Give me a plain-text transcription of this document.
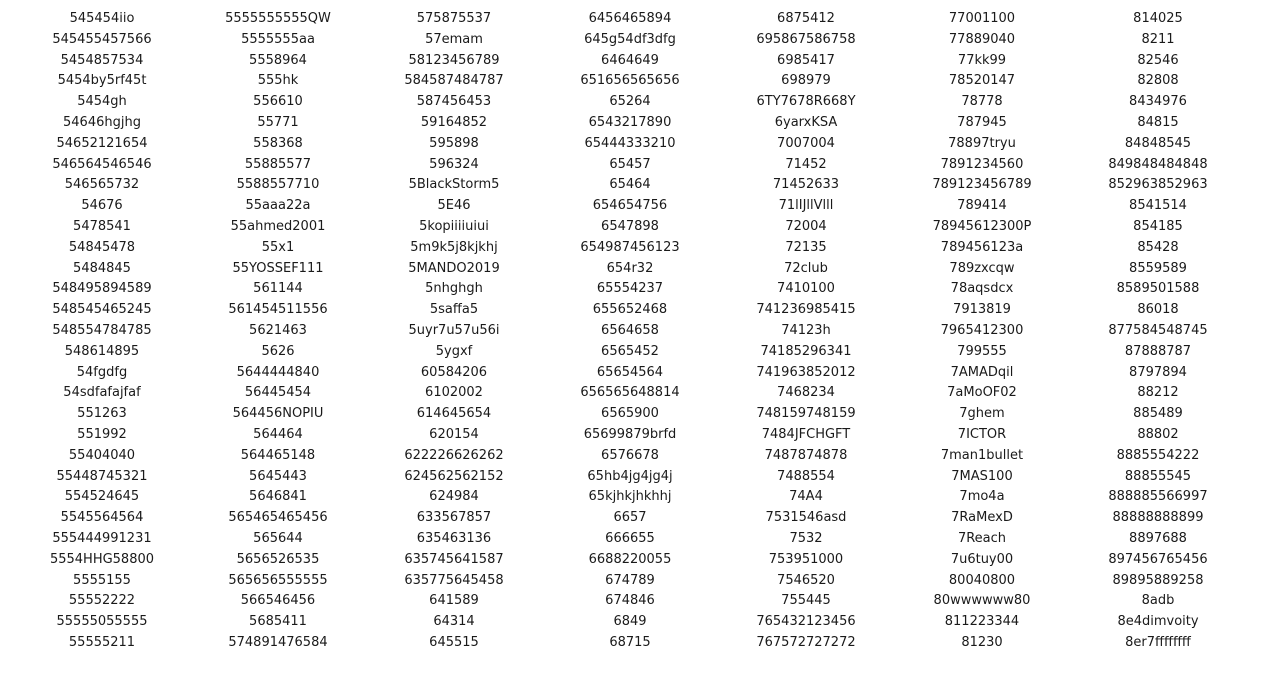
545454iio
545455457566
5454857534
5454by5rf45t
5454gh
54646hgjhg
54652121654
546564546546
546565732
54676
5478541
54845478
5484845
548495894589
548545465245
548554784785
548614895
54fgdfg
54sdfafajfaf
551263
551992
55404040
55448745321
554524645
5545564564
555444991231
5554HHG58800
5555155
55552222
55555055555
55555211
5555555555QW
5555555aa
5558964
555hk
556610
55771
558368
55885577
5588557710
55aaa22a
55ahmed2001
55x1
55YOSSEF111
561144
561454511556
5621463
5626
5644444840
56445454
564456NOPIU
564464
564465148
5645443
5646841
565465465456
565644
5656526535
565656555555
566546456
5685411
574891476584
575875537
57emam
58123456789
584587484787
587456453
59164852
595898
596324
5BlackStorm5
5E46
5kopiiiiuiui
5m9k5j8kjkhj
5MANDO2019
5nhghgh
5saffa5
5uyr7u57u56i
5ygxf
60584206
6102002
614645654
620154
622226626262
624562562152
624984
633567857
635463136
635745641587
635775645458
641589
64314
645515
6456465894
645g54df3dfg
6464649
651656565656
65264
6543217890
65444333210
65457
65464
654654756
6547898
654987456123
654r32
65554237
655652468
6564658
6565452
65654564
656565648814
6565900
65699879brfd
6576678
65hb4jg4jg4j
65kjhkjhkhhj
6657
666655
6688220055
674789
674846
6849
68715
6875412
695867586758
6985417
698979
6TY7678R668Y
6yarxKSA
7007004
71452
71452633
71lIJllVlll
72004
72135
72club
7410100
741236985415
74123h
74185296341
741963852012
7468234
748159748159
7484JFCHGFT
7487874878
7488554
74A4
7531546asd
7532
753951000
7546520
755445
765432123456
767572727272
77001100
77889040
77kk99
78520147
78778
787945
78897tryu
7891234560
789123456789
789414
78945612300P
789456123a
789zxcqw
78aqsdcx
7913819
7965412300
799555
7AMADqil
7aMoOF02
7ghem
7ICTOR
7man1bullet
7MAS100
7mo4a
7RaMexD
7Reach
7u6tuy00
80040800
80wwwwww80
811223344
81230
814025
8211
82546
82808
8434976
84815
84848545
849848484848
852963852963
8541514
854185
85428
8559589
8589501588
86018
877584548745
87888787
8797894
88212
885489
88802
8885554222
88855545
888885566997
88888888899
8897688
897456765456
89895889258
8adb
8e4dimvoity
8er7ffffffff
